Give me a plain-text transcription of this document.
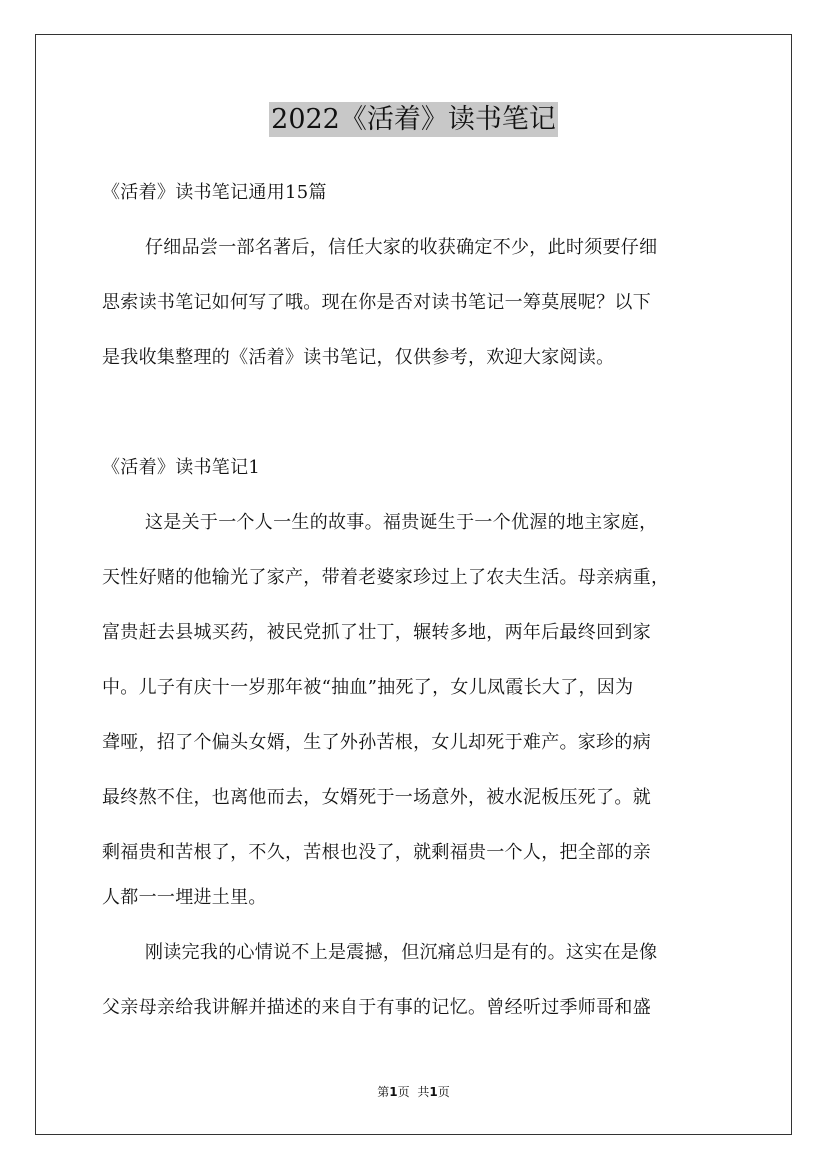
2022《活着》读书笔记
《活着》读书笔记通用15篇
仔细品尝一部名著后，信任大家的收获确定不少，此时须要仔细
思索读书笔记如何写了哦。现在你是否对读书笔记一筹莫展呢？以下
是我收集整理的《活着》读书笔记，仅供参考，欢迎大家阅读。
《活着》读书笔记1
这是关于一个人一生的故事。福贵诞生于一个优渥的地主家庭，
天性好赌的他输光了家产，带着老婆家珍过上了农夫生活。母亲病重，
富贵赶去县城买药，被民党抓了壮丁，辗转多地，两年后最终回到家
中。儿子有庆十一岁那年被“抽血”抽死了，女儿凤霞长大了，因为
聋哑，招了个偏头女婿，生了外孙苦根，女儿却死于难产。家珍的病
最终熬不住，也离他而去，女婿死于一场意外，被水泥板压死了。就
剩福贵和苦根了，不久，苦根也没了，就剩福贵一个人，把全部的亲
人都一一埋进土里。
刚读完我的心情说不上是震撼，但沉痛总归是有的。这实在是像
父亲母亲给我讲解并描述的来自于有事的记忆。曾经听过季师哥和盛
第1页 共1页
